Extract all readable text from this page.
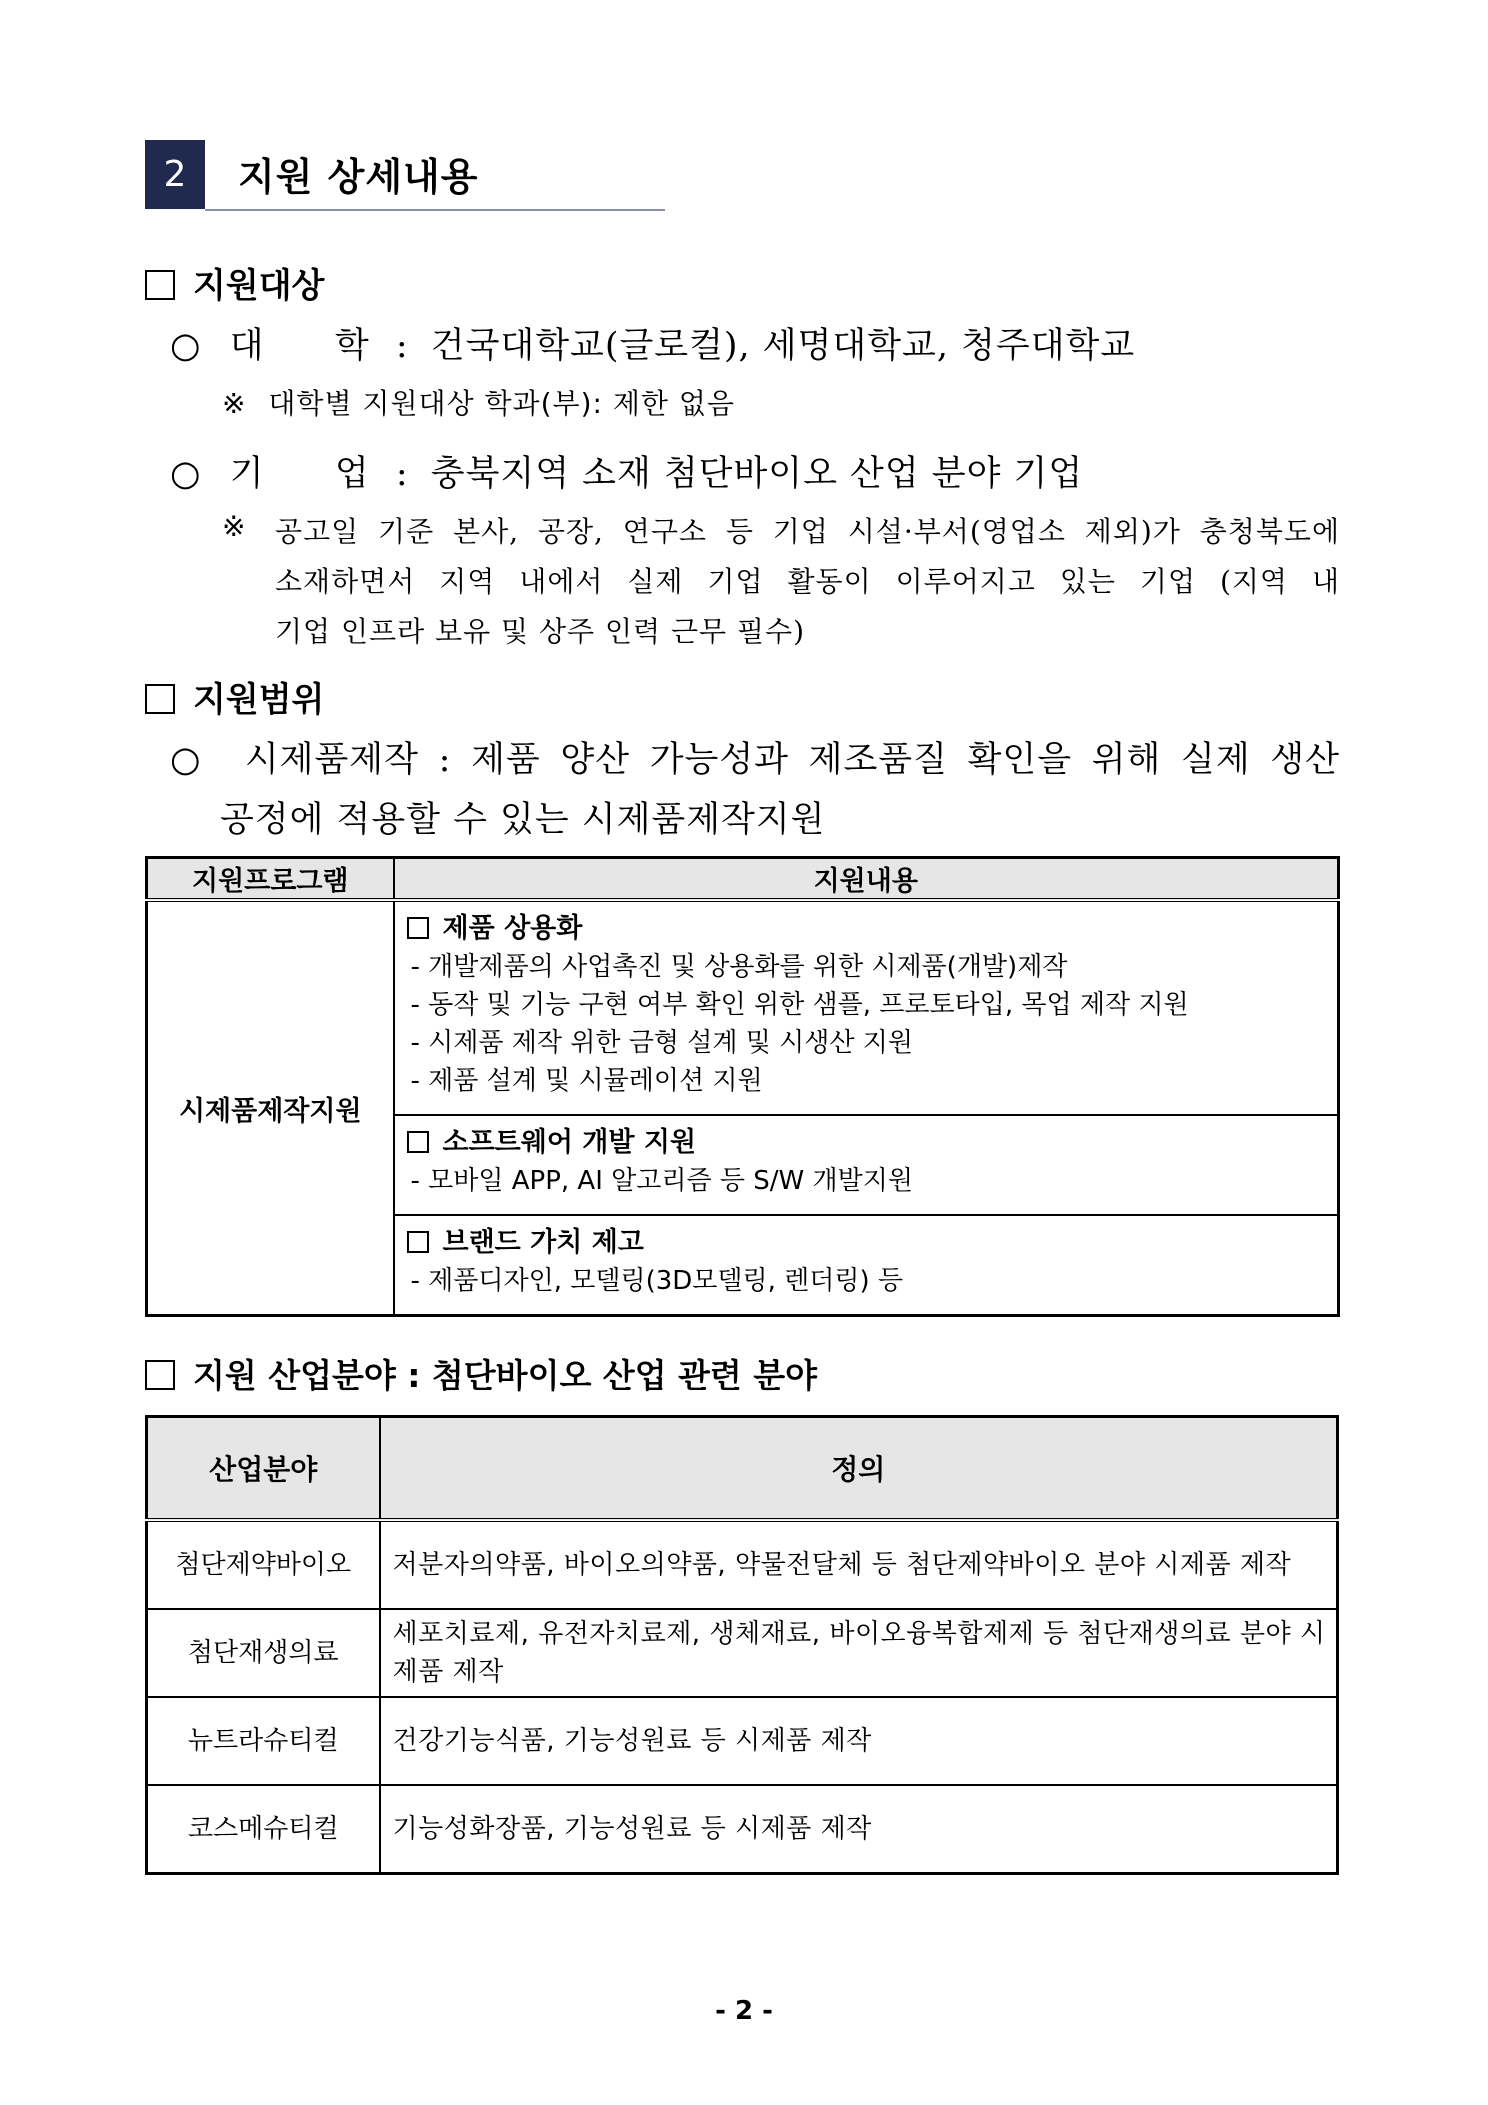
2	지원 상세내용
지원대상
○ 대 학 : 건국대학교(글로컬), 세명대학교, 청주대학교
※ 대학별 지원대상 학과(부): 제한 없음
○ 기 업 : 충북지역 소재 첨단바이오 산업 분야 기업
※ 공고일 기준 본사, 공장, 연구소 등 기업 시설·부서(영업소 제외)가 충청북도에
소재하면서 지역 내에서 실제 기업 활동이 이루어지고 있는 기업 (지역 내
기업 인프라 보유 및 상주 인력 근무 필수)
지원범위
○ 시제품제작 : 제품 양산 가능성과 제조품질 확인을 위해 실제 생산
공정에 적용할 수 있는 시제품제작지원
지원프로그램	지원내용
시제품제작지원	제품 상용화
- 개발제품의 사업촉진 및 상용화를 위한 시제품(개발)제작
- 동작 및 기능 구현 여부 확인 위한 샘플, 프로토타입, 목업 제작 지원
- 시제품 제작 위한 금형 설계 및 시생산 지원
- 제품 설계 및 시뮬레이션 지원

	소프트웨어 개발 지원
- 모바일 APP, AI 알고리즘 등 S/W 개발지원

	브랜드 가치 제고
- 제품디자인, 모델링(3D모델링, 렌더링) 등
지원 산업분야 : 첨단바이오 산업 관련 분야
산업분야	정의
첨단제약바이오	저분자의약품, 바이오의약품, 약물전달체 등 첨단제약바이오 분야 시제품 제작
첨단재생의료	세포치료제, 유전자치료제, 생체재료, 바이오융복합제제 등 첨단재생의료 분야 시제품 제작
뉴트라슈티컬	건강기능식품, 기능성원료 등 시제품 제작
코스메슈티컬	기능성화장품, 기능성원료 등 시제품 제작
- 2 -
